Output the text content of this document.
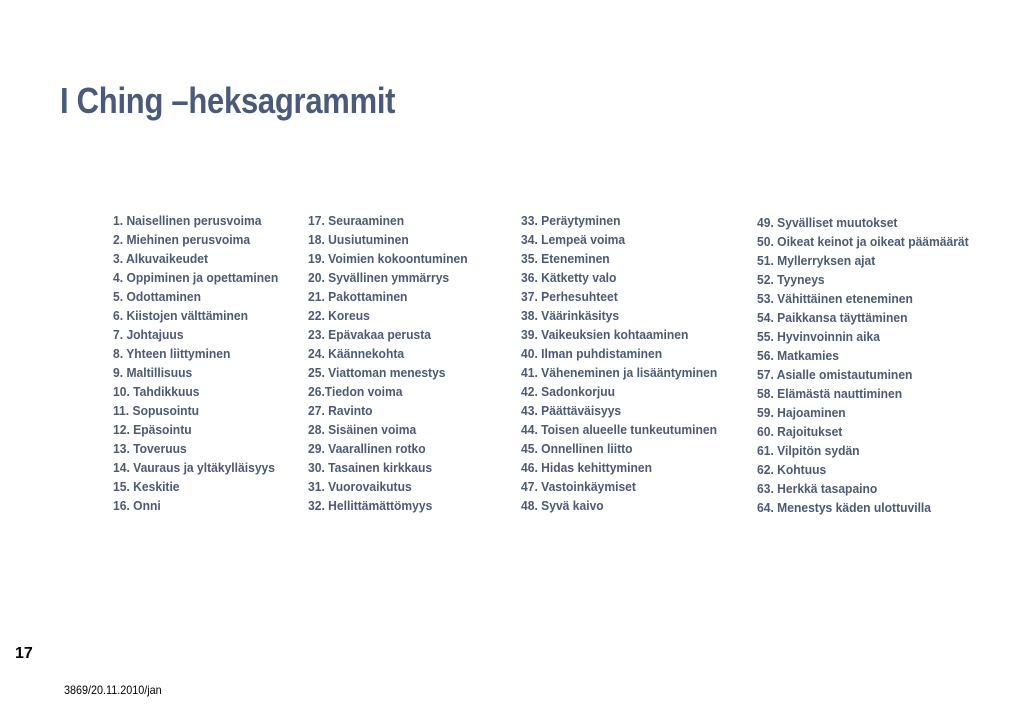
I Ching –heksagrammit
1. Naisellinen perusvoima
2. Miehinen perusvoima
3. Alkuvaikeudet
4. Oppiminen ja opettaminen
5. Odottaminen
6. Kiistojen välttäminen
7. Johtajuus
8. Yhteen liittyminen
9. Maltillisuus
10. Tahdikkuus
11. Sopusointu
12. Epäsointu
13. Toveruus
14. Vauraus ja yltäkylläisyys
15. Keskitie
16. Onni
17. Seuraaminen
18. Uusiutuminen
19. Voimien kokoontuminen
20. Syvällinen ymmärrys
21. Pakottaminen
22. Koreus
23. Epävakaa perusta
24. Käännekohta
25. Viattoman menestys
26.Tiedon voima
27. Ravinto
28. Sisäinen voima
29. Vaarallinen rotko
30. Tasainen kirkkaus
31. Vuorovaikutus
32. Hellittämättömyys
33. Peräytyminen
34. Lempeä voima
35. Eteneminen
36. Kätketty valo
37. Perhesuhteet
38. Väärinkäsitys
39. Vaikeuksien kohtaaminen
40. Ilman puhdistaminen
41. Väheneminen ja lisääntyminen
42. Sadonkorjuu
43. Päättäväisyys
44. Toisen alueelle tunkeutuminen
45. Onnellinen liitto
46. Hidas kehittyminen
47. Vastoinkäymiset
48. Syvä kaivo
49. Syvälliset muutokset
50. Oikeat keinot ja oikeat päämäärät
51. Myllerryksen ajat
52. Tyyneys
53. Vähittäinen eteneminen
54. Paikkansa täyttäminen
55. Hyvinvoinnin aika
56. Matkamies
57. Asialle omistautuminen
58. Elämästä nauttiminen
59. Hajoaminen
60. Rajoitukset
61. Vilpitön sydän
62. Kohtuus
63. Herkkä tasapaino
64. Menestys käden ulottuvilla
17
3869/20.11.2010/jan
